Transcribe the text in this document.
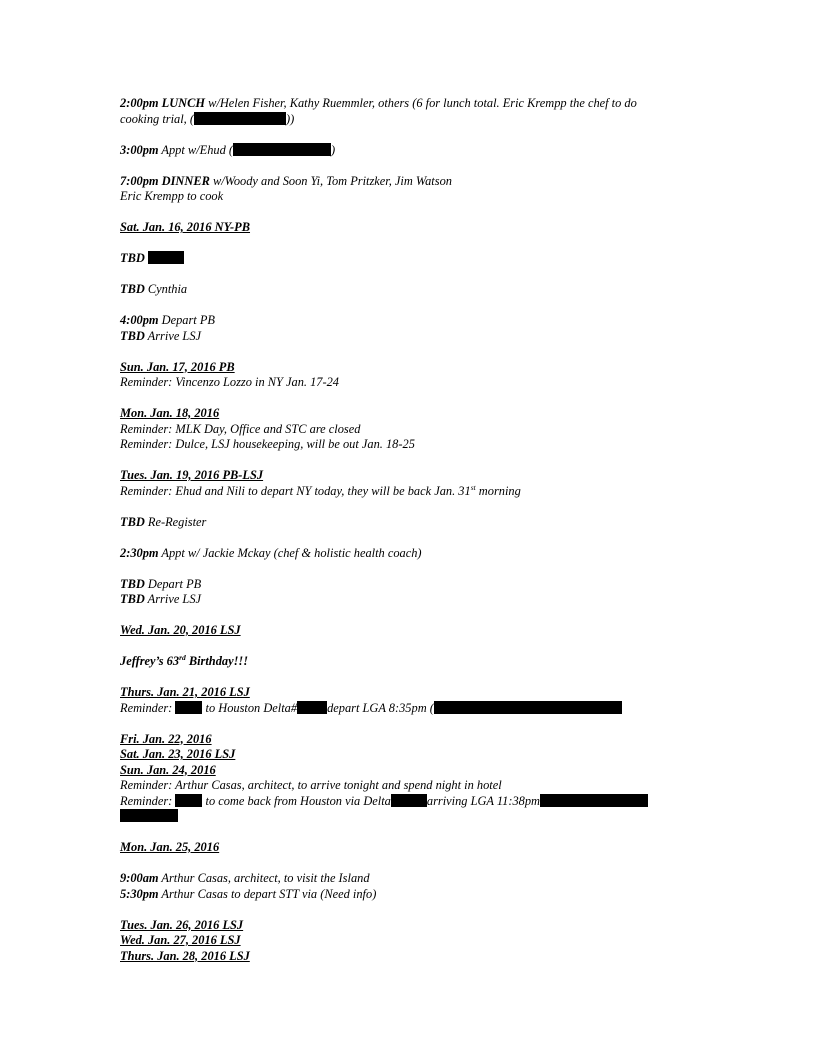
2:00pm LUNCH w/Helen Fisher, Kathy Ruemmler, others (6 for lunch total. Eric Krempp the chef to do
cooking trial, (	))
3:00pm Appt w/Ehud (	)
7:00pm DINNER w/Woody and Soon Yi, Tom Pritzker, Jim Watson
Eric Krempp to cook
Sat. Jan. 16, 2016 NY-PB
TBD
TBD Cynthia
4:00pm Depart PB
TBD Arrive LSJ
Sun. Jan. 17, 2016 PB
Reminder: Vincenzo Lozzo in NY Jan. 17-24
Mon. Jan. 18, 2016
Reminder: MLK Day, Office and STC are closed
Reminder: Dulce, LSJ housekeeping, will be out Jan. 18-25
Tues. Jan. 19, 2016 PB-LSJ
Reminder: Ehud and Nili to depart NY today, they will be back Jan. 31st morning
TBD Re-Register
2:30pm Appt w/ Jackie Mckay (chef & holistic health coach)
TBD Depart PB
TBD Arrive LSJ
Wed. Jan. 20, 2016 LSJ
Jeffrey’s 63rd Birthday!!!
Thurs. Jan. 21, 2016 LSJ
Reminder:  to Houston Delta# depart LGA 8:35pm (
Fri. Jan. 22, 2016
Sat. Jan. 23, 2016 LSJ
Sun. Jan. 24, 2016
Reminder: Arthur Casas, architect, to arrive tonight and spend night in hotel
Reminder:  to come back from Houston via Delta	arriving LGA 11:38pm
Mon. Jan. 25, 2016
9:00am Arthur Casas, architect, to visit the Island
5:30pm Arthur Casas to depart STT via (Need info)
Tues. Jan. 26, 2016 LSJ
Wed. Jan. 27, 2016 LSJ
Thurs. Jan. 28, 2016 LSJ
